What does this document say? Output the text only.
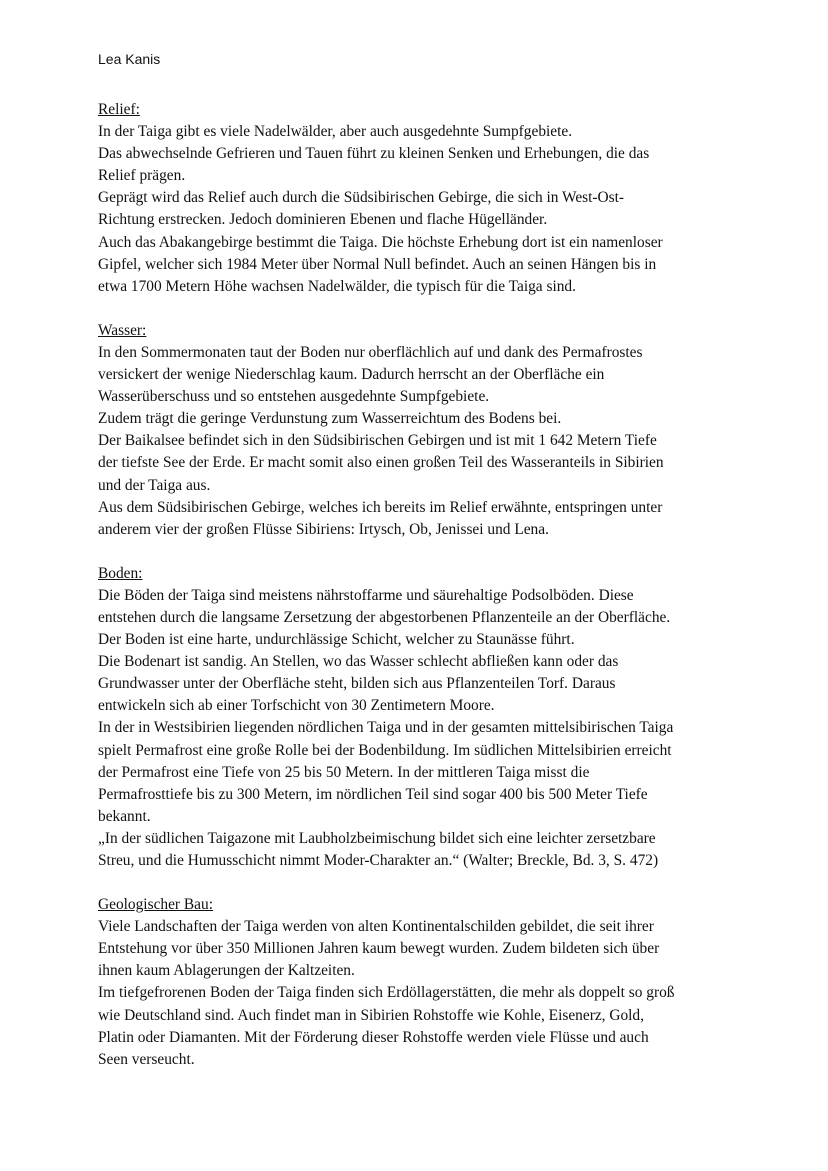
Lea Kanis
Relief:
In der Taiga gibt es viele Nadelwälder, aber auch ausgedehnte Sumpfgebiete.
Das abwechselnde Gefrieren und Tauen führt zu kleinen Senken und Erhebungen, die das
Relief prägen.
Geprägt wird das Relief auch durch die Südsibirischen Gebirge, die sich in West-Ost-
Richtung erstrecken. Jedoch dominieren Ebenen und flache Hügelländer.
Auch das Abakangebirge bestimmt die Taiga. Die höchste Erhebung dort ist ein namenloser
Gipfel, welcher sich 1984 Meter über Normal Null befindet. Auch an seinen Hängen bis in
etwa 1700 Metern Höhe wachsen Nadelwälder, die typisch für die Taiga sind.
Wasser:
In den Sommermonaten taut der Boden nur oberflächlich auf und dank des Permafrostes
versickert der wenige Niederschlag kaum. Dadurch herrscht an der Oberfläche ein
Wasserüberschuss und so entstehen ausgedehnte Sumpfgebiete.
Zudem trägt die geringe Verdunstung zum Wasserreichtum des Bodens bei.
Der Baikalsee befindet sich in den Südsibirischen Gebirgen und ist mit 1 642 Metern Tiefe
der tiefste See der Erde. Er macht somit also einen großen Teil des Wasseranteils in Sibirien
und der Taiga aus.
Aus dem Südsibirischen Gebirge, welches ich bereits im Relief erwähnte, entspringen unter
anderem vier der großen Flüsse Sibiriens: Irtysch, Ob, Jenissei und Lena.
Boden:
Die Böden der Taiga sind meistens nährstoffarme und säurehaltige Podsolböden. Diese
entstehen durch die langsame Zersetzung der abgestorbenen Pflanzenteile an der Oberfläche.
Der Boden ist eine harte, undurchlässige Schicht, welcher zu Staunässe führt.
Die Bodenart ist sandig. An Stellen, wo das Wasser schlecht abfließen kann oder das
Grundwasser unter der Oberfläche steht, bilden sich aus Pflanzenteilen Torf. Daraus
entwickeln sich ab einer Torfschicht von 30 Zentimetern Moore.
In der in Westsibirien liegenden nördlichen Taiga und in der gesamten mittelsibirischen Taiga
spielt Permafrost eine große Rolle bei der Bodenbildung. Im südlichen Mittelsibirien erreicht
der Permafrost eine Tiefe von 25 bis 50 Metern. In der mittleren Taiga misst die
Permafrosttiefe bis zu 300 Metern, im nördlichen Teil sind sogar 400 bis 500 Meter Tiefe
bekannt.
„In der südlichen Taigazone mit Laubholzbeimischung bildet sich eine leichter zersetzbare
Streu, und die Humusschicht nimmt Moder-Charakter an.“ (Walter; Breckle, Bd. 3, S. 472)
Geologischer Bau:
Viele Landschaften der Taiga werden von alten Kontinentalschilden gebildet, die seit ihrer
Entstehung vor über 350 Millionen Jahren kaum bewegt wurden. Zudem bildeten sich über
ihnen kaum Ablagerungen der Kaltzeiten.
Im tiefgefrorenen Boden der Taiga finden sich Erdöllagerstätten, die mehr als doppelt so groß
wie Deutschland sind. Auch findet man in Sibirien Rohstoffe wie Kohle, Eisenerz, Gold,
Platin oder Diamanten. Mit der Förderung dieser Rohstoffe werden viele Flüsse und auch
Seen verseucht.
